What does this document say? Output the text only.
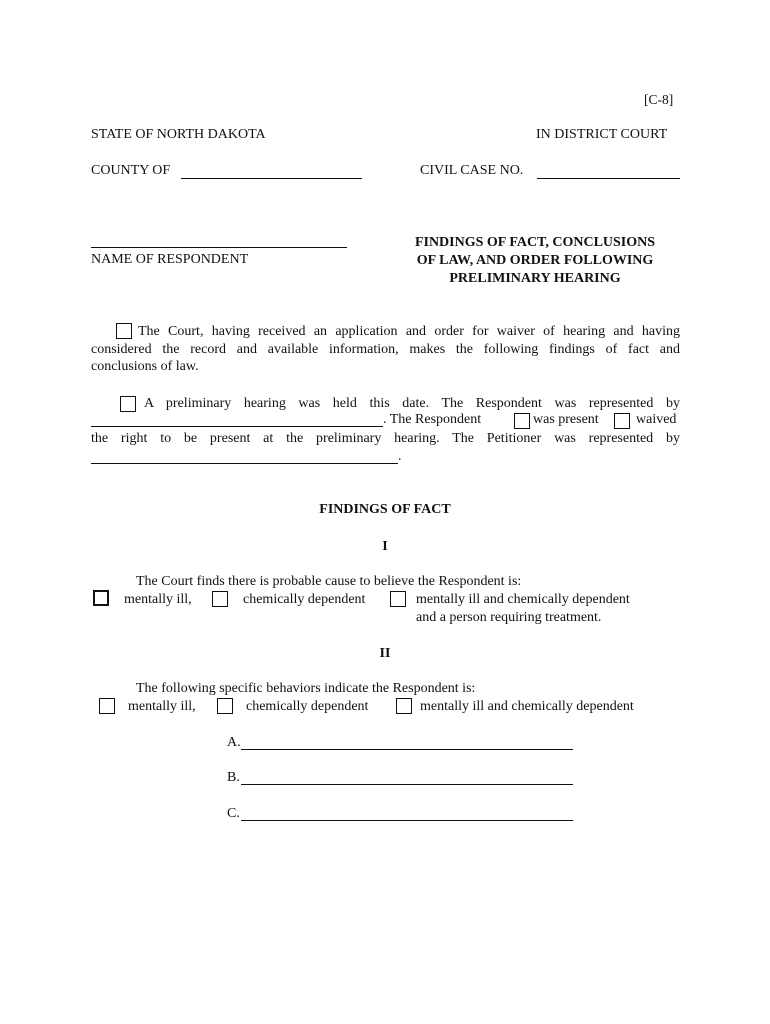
[C-8]
STATE OF NORTH DAKOTA	IN DISTRICT COURT
COUNTY OF	CIVIL CASE NO.
NAME OF RESPONDENT
FINDINGS OF FACT, CONCLUSIONS
OF LAW, AND ORDER FOLLOWING
PRELIMINARY HEARING
The Court, having received an application and order for waiver of hearing and having
considered the record and available information, makes the following findings of fact and
conclusions of law.
A preliminary hearing was held this date. The Respondent was represented by
. The Respondent	was present	waived
the right to be present at the preliminary hearing. The Petitioner was represented by
.
FINDINGS OF FACT
I
The Court finds there is probable cause to believe the Respondent is:
mentally ill,	chemically dependent	mentally ill and chemically dependent
and a person requiring treatment.
II
The following specific behaviors indicate the Respondent is:
mentally ill,	chemically dependent	mentally ill and chemically dependent
A.
B.
C.
